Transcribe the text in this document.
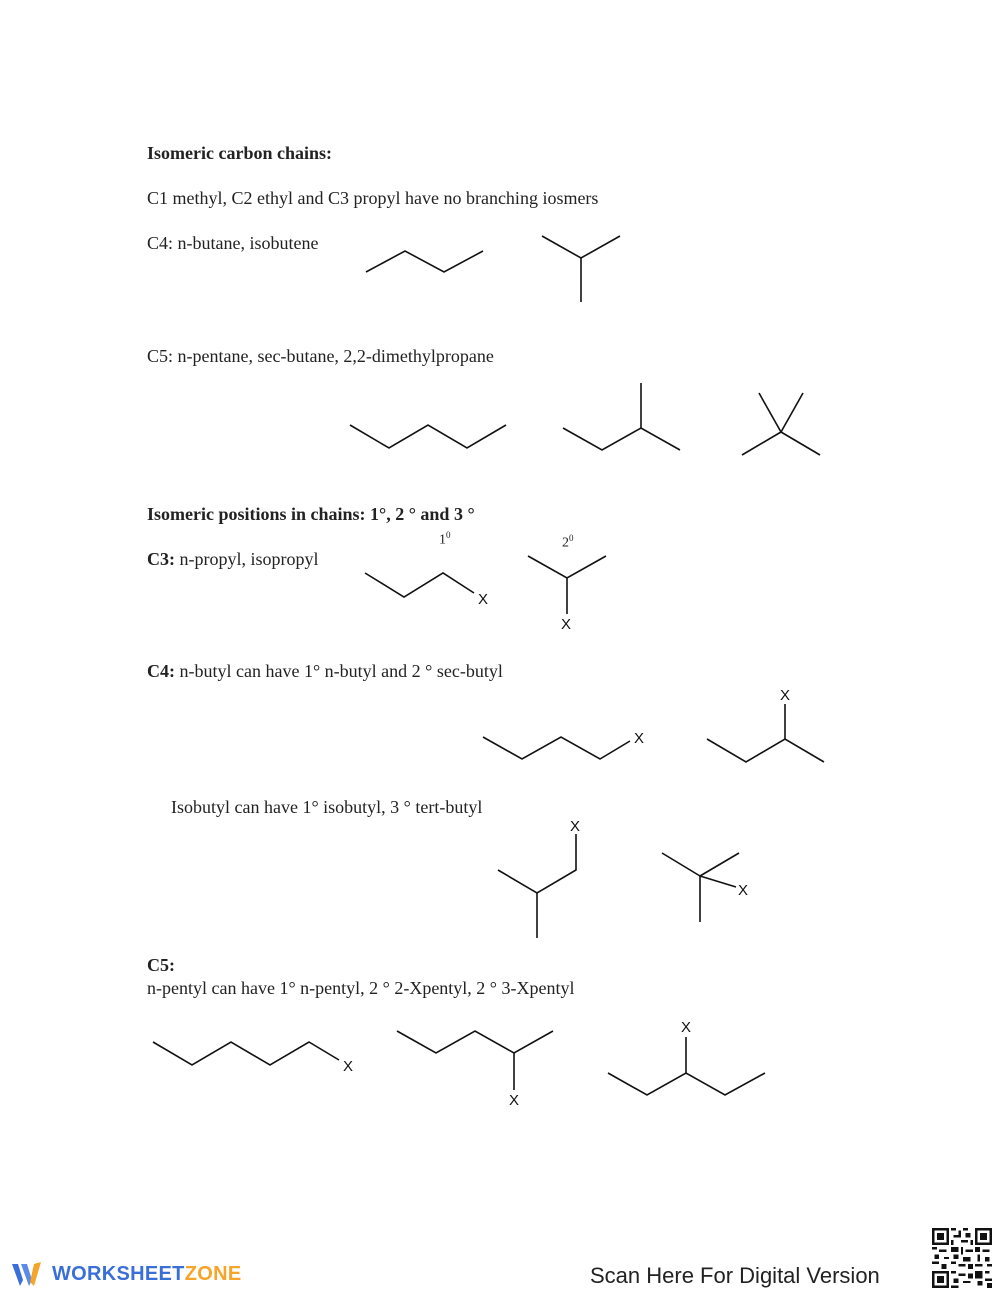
Isomeric carbon chains:
C1 methyl, C2 ethyl and C3 propyl have no branching iosmers
C4: n-butane, isobutene
C5: n-pentane, sec-butane, 2,2-dimethylpropane
Isomeric positions in chains: 1°, 2 ° and 3 °
$1^0$
$2^0$
C3: n-propyl, isopropyl
C4: n-butyl can have 1° n-butyl and 2 ° sec-butyl
Isobutyl can have 1° isobutyl, 3 ° tert-butyl
C5:
n-pentyl can have 1° n-pentyl, 2 ° 2-Xpentyl, 2 ° 3-Xpentyl
X
X
X
X
X
X
X
X
X
WORKSHEETZONE	Scan Here For Digital Version
